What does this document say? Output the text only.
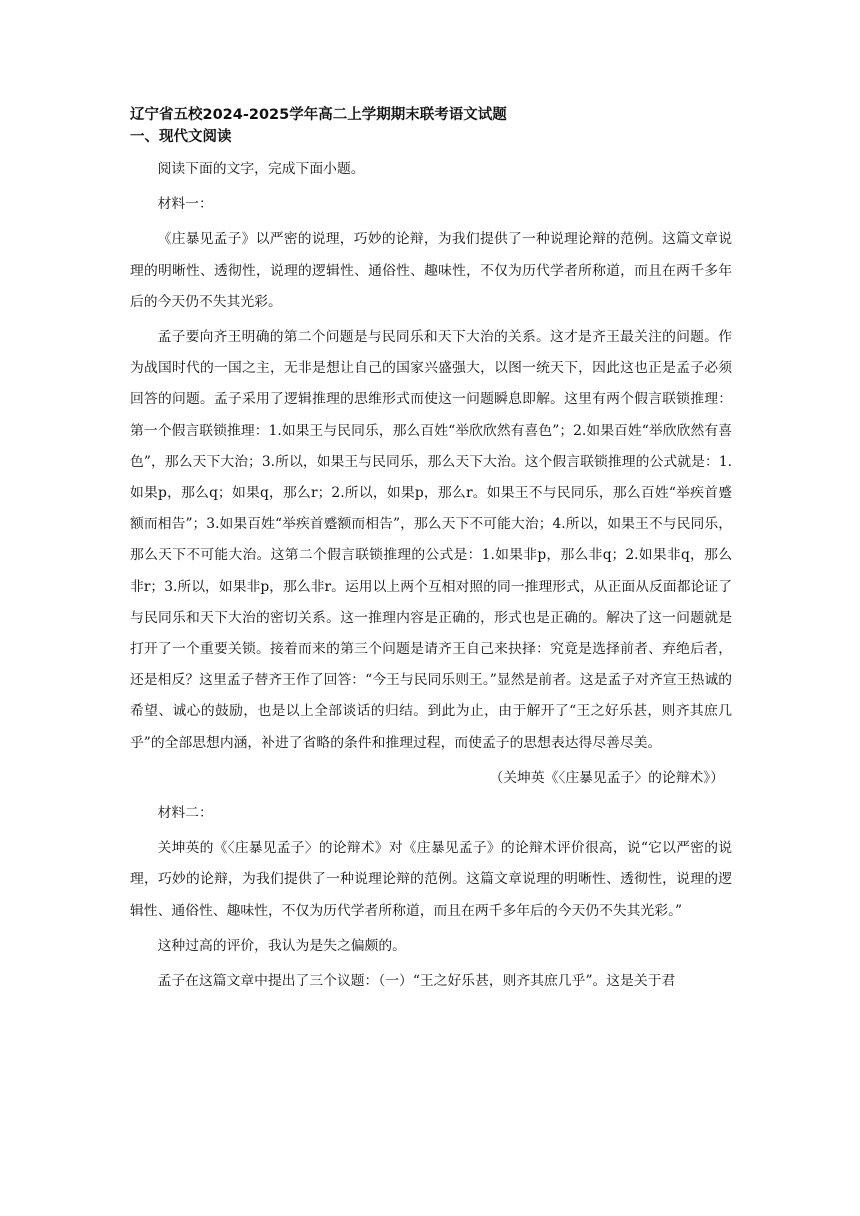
辽宁省五校2024-2025学年高二上学期期末联考语文试题
一、现代文阅读

阅读下面的文字，完成下面小题。

材料一：

《庄暴见孟子》以严密的说理，巧妙的论辩，为我们提供了一种说理论辩的范例。这篇文章说理的明晰性、透彻性，说理的逻辑性、通俗性、趣味性，不仅为历代学者所称道，而且在两千多年后的今天仍不失其光彩。

孟子要向齐王明确的第二个问题是与民同乐和天下大治的关系。这才是齐王最关注的问题。作为战国时代的一国之主，无非是想让自己的国家兴盛强大，以图一统天下，因此这也正是孟子必须回答的问题。孟子采用了逻辑推理的思维形式而使这一问题瞬息即解。这里有两个假言联锁推理：第一个假言联锁推理：1.如果王与民同乐，那么百姓“举欣欣然有喜色”；2.如果百姓“举欣欣然有喜色”，那么天下大治；3.所以，如果王与民同乐，那么天下大治。这个假言联锁推理的公式就是：1.如果p，那么q；如果q，那么r；2.所以，如果p，那么r。如果王不与民同乐，那么百姓“举疾首蹙额而相告”；3.如果百姓“举疾首蹙额而相告”，那么天下不可能大治；4.所以，如果王不与民同乐，那么天下不可能大治。这第二个假言联锁推理的公式是：1.如果非p，那么非q；2.如果非q，那么非r；3.所以，如果非p，那么非r。运用以上两个互相对照的同一推理形式，从正面从反面都论证了与民同乐和天下大治的密切关系。这一推理内容是正确的，形式也是正确的。解决了这一问题就是打开了一个重要关锁。接着而来的第三个问题是请齐王自己来抉择：究竟是选择前者、弃绝后者，还是相反？这里孟子替齐王作了回答：“今王与民同乐则王。”显然是前者。这是孟子对齐宣王热诚的希望、诚心的鼓励，也是以上全部谈话的归结。到此为止，由于解开了“王之好乐甚，则齐其庶几乎”的全部思想内涵，补进了省略的条件和推理过程，而使孟子的思想表达得尽善尽美。

（关坤英《〈庄暴见孟子〉的论辩术》）

材料二：

关坤英的《〈庄暴见孟子〉的论辩术》对《庄暴见孟子》的论辩术评价很高，说“它以严密的说理，巧妙的论辩，为我们提供了一种说理论辩的范例。这篇文章说理的明晰性、透彻性，说理的逻辑性、通俗性、趣味性，不仅为历代学者所称道，而且在两千多年后的今天仍不失其光彩。”

这种过高的评价，我认为是失之偏颇的。

孟子在这篇文章中提出了三个议题：（一）“王之好乐甚，则齐其庶几乎”。这是关于君
